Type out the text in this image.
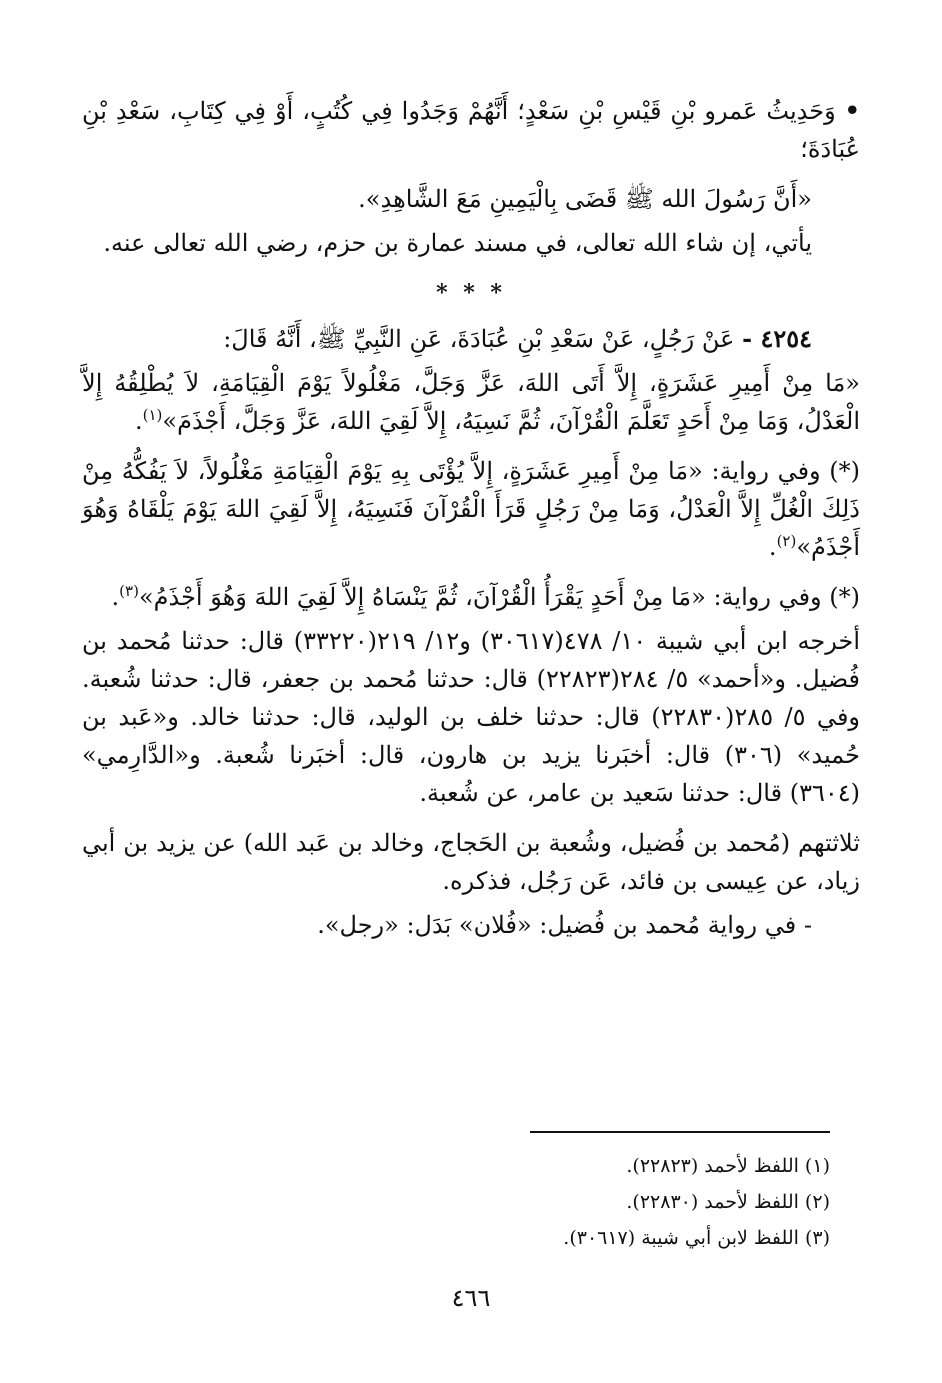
• وَحَدِيثُ عَمرو بْنِ قَيْسِ بْنِ سَعْدٍ؛ أَنَّهُمْ وَجَدُوا فِي كُتُبٍ، أَوْ فِي كِتَابِ، سَعْدِ بْنِ عُبَادَةَ؛

«أَنَّ رَسُولَ الله ﷺ قَضَى بِالْيَمِينِ مَعَ الشَّاهِدِ».

يأتي، إن شاء الله تعالى، في مسند عمارة بن حزم، رضي الله تعالى عنه.

* * *

٤٢٥٤ - عَنْ رَجُلٍ، عَنْ سَعْدِ بْنِ عُبَادَةَ، عَنِ النَّبِيِّ ﷺ، أَنَّهُ قَالَ:

«مَا مِنْ أَمِيرِ عَشَرَةٍ، إِلاَّ أَتَى اللهَ، عَزَّ وَجَلَّ، مَغْلُولاً يَوْمَ الْقِيَامَةِ، لاَ يُطْلِقُهُ إِلاَّ الْعَدْلُ، وَمَا مِنْ أَحَدٍ تَعَلَّمَ الْقُرْآنَ، ثُمَّ نَسِيَهُ، إِلاَّ لَقِيَ اللهَ، عَزَّ وَجَلَّ، أَجْذَمَ»$^{(١)}$.

(*) وفي رواية: «مَا مِنْ أَمِيرِ عَشَرَةٍ، إِلاَّ يُؤْتَى بِهِ يَوْمَ الْقِيَامَةِ مَغْلُولاً، لاَ يَفُكُّهُ مِنْ ذَلِكَ الْغُلِّ إِلاَّ الْعَدْلُ، وَمَا مِنْ رَجُلٍ قَرَأَ الْقُرْآنَ فَنَسِيَهُ، إِلاَّ لَقِيَ اللهَ يَوْمَ يَلْقَاهُ وَهُوَ أَجْذَمُ»$^{(٢)}$.

(*) وفي رواية: «مَا مِنْ أَحَدٍ يَقْرَأُ الْقُرْآنَ، ثُمَّ يَنْسَاهُ إِلاَّ لَقِيَ اللهَ وَهُوَ أَجْذَمُ»$^{(٣)}$.

أخرجه ابن أبي شيبة ١٠/ ٤٧٨(٣٠٦١٧) و١٢/ ٢١٩(٣٣٢٢٠) قال: حدثنا مُحمد بن فُضيل. و«أحمد» ٥/ ٢٨٤(٢٢٨٢٣) قال: حدثنا مُحمد بن جعفر، قال: حدثنا شُعبة. وفي ٥/ ٢٨٥(٢٢٨٣٠) قال: حدثنا خلف بن الوليد، قال: حدثنا خالد. و«عَبد بن حُميد» (٣٠٦) قال: أخبَرنا يزيد بن هارون، قال: أخبَرنا شُعبة. و«الدَّارِمي» (٣٦٠٤) قال: حدثنا سَعيد بن عامر، عن شُعبة.

ثلاثتهم (مُحمد بن فُضيل، وشُعبة بن الحَجاج، وخالد بن عَبد الله) عن يزيد بن أبي زياد، عن عِيسى بن فائد، عَن رَجُل، فذكره.

- في رواية مُحمد بن فُضيل: «فُلان» بَدَل: «رجل».

(١) اللفظ لأحمد (٢٢٨٢٣).
(٢) اللفظ لأحمد (٢٢٨٣٠).
(٣) اللفظ لابن أبي شيبة (٣٠٦١٧).
٤٦٦
